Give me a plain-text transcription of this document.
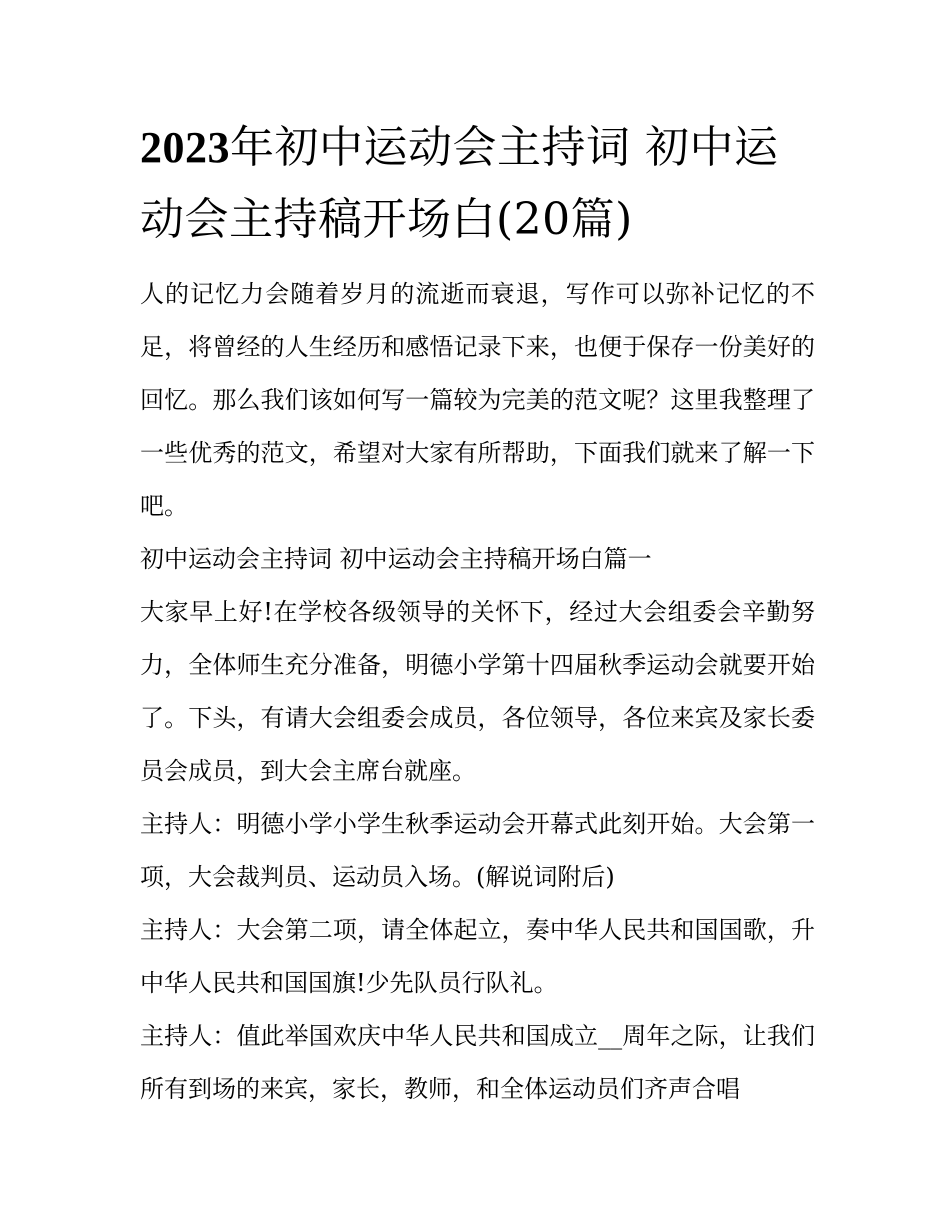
2023年初中运动会主持词 初中运动会主持稿开场白(20篇)

人的记忆力会随着岁月的流逝而衰退，写作可以弥补记忆的不足，将曾经的人生经历和感悟记录下来，也便于保存一份美好的回忆。那么我们该如何写一篇较为完美的范文呢？这里我整理了一些优秀的范文，希望对大家有所帮助，下面我们就来了解一下吧。

初中运动会主持词 初中运动会主持稿开场白篇一

大家早上好!在学校各级领导的关怀下，经过大会组委会辛勤努力，全体师生充分准备，明德小学第十四届秋季运动会就要开始了。下头，有请大会组委会成员，各位领导，各位来宾及家长委员会成员，到大会主席台就座。

主持人：明德小学小学生秋季运动会开幕式此刻开始。大会第一项，大会裁判员、运动员入场。(解说词附后)

主持人：大会第二项，请全体起立，奏中华人民共和国国歌，升中华人民共和国国旗!少先队员行队礼。

主持人：值此举国欢庆中华人民共和国成立__周年之际，让我们所有到场的来宾，家长，教师，和全体运动员们齐声合唱
